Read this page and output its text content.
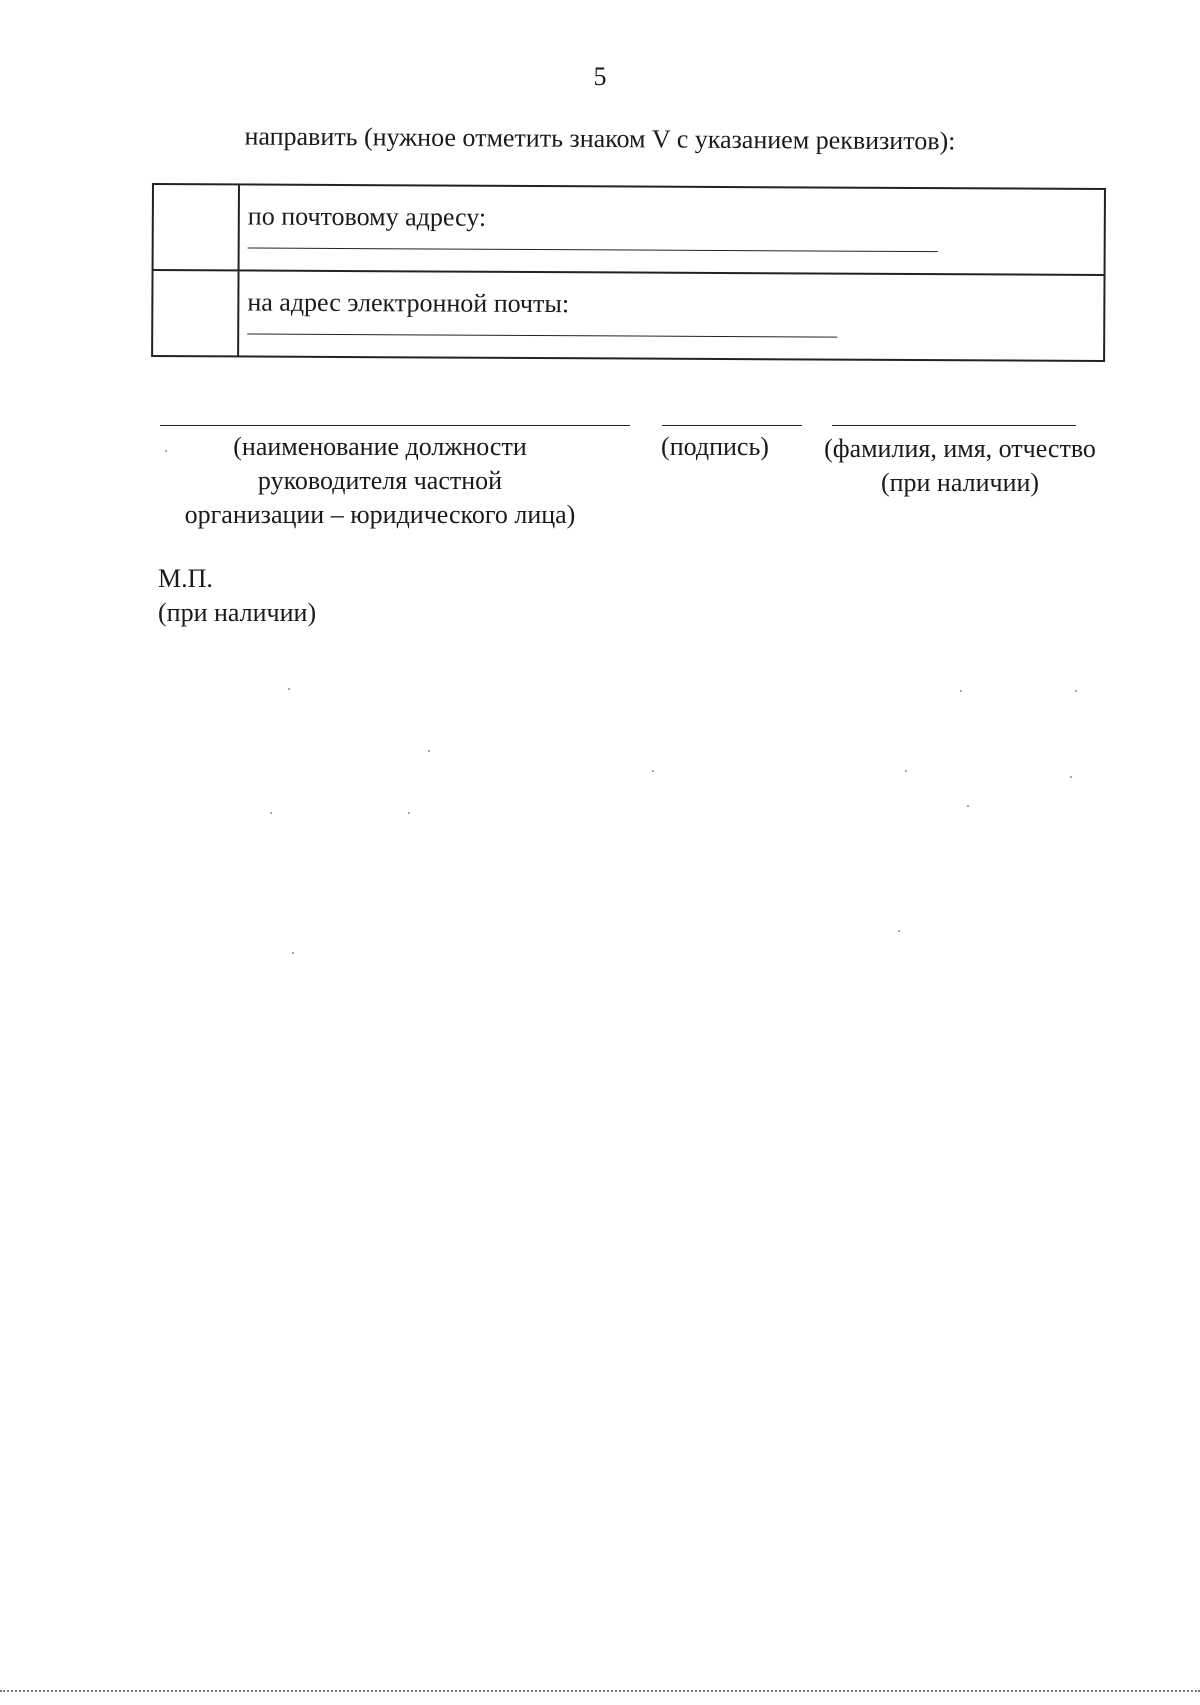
5
направить (нужное отметить знаком V с указанием реквизитов):
по почтовому адресу:
на адрес электронной почты:
(наименование должности
руководителя частной
организации – юридического лица)
(подпись)	(фамилия, имя, отчество
(при наличии)
М.П.
(при наличии)
